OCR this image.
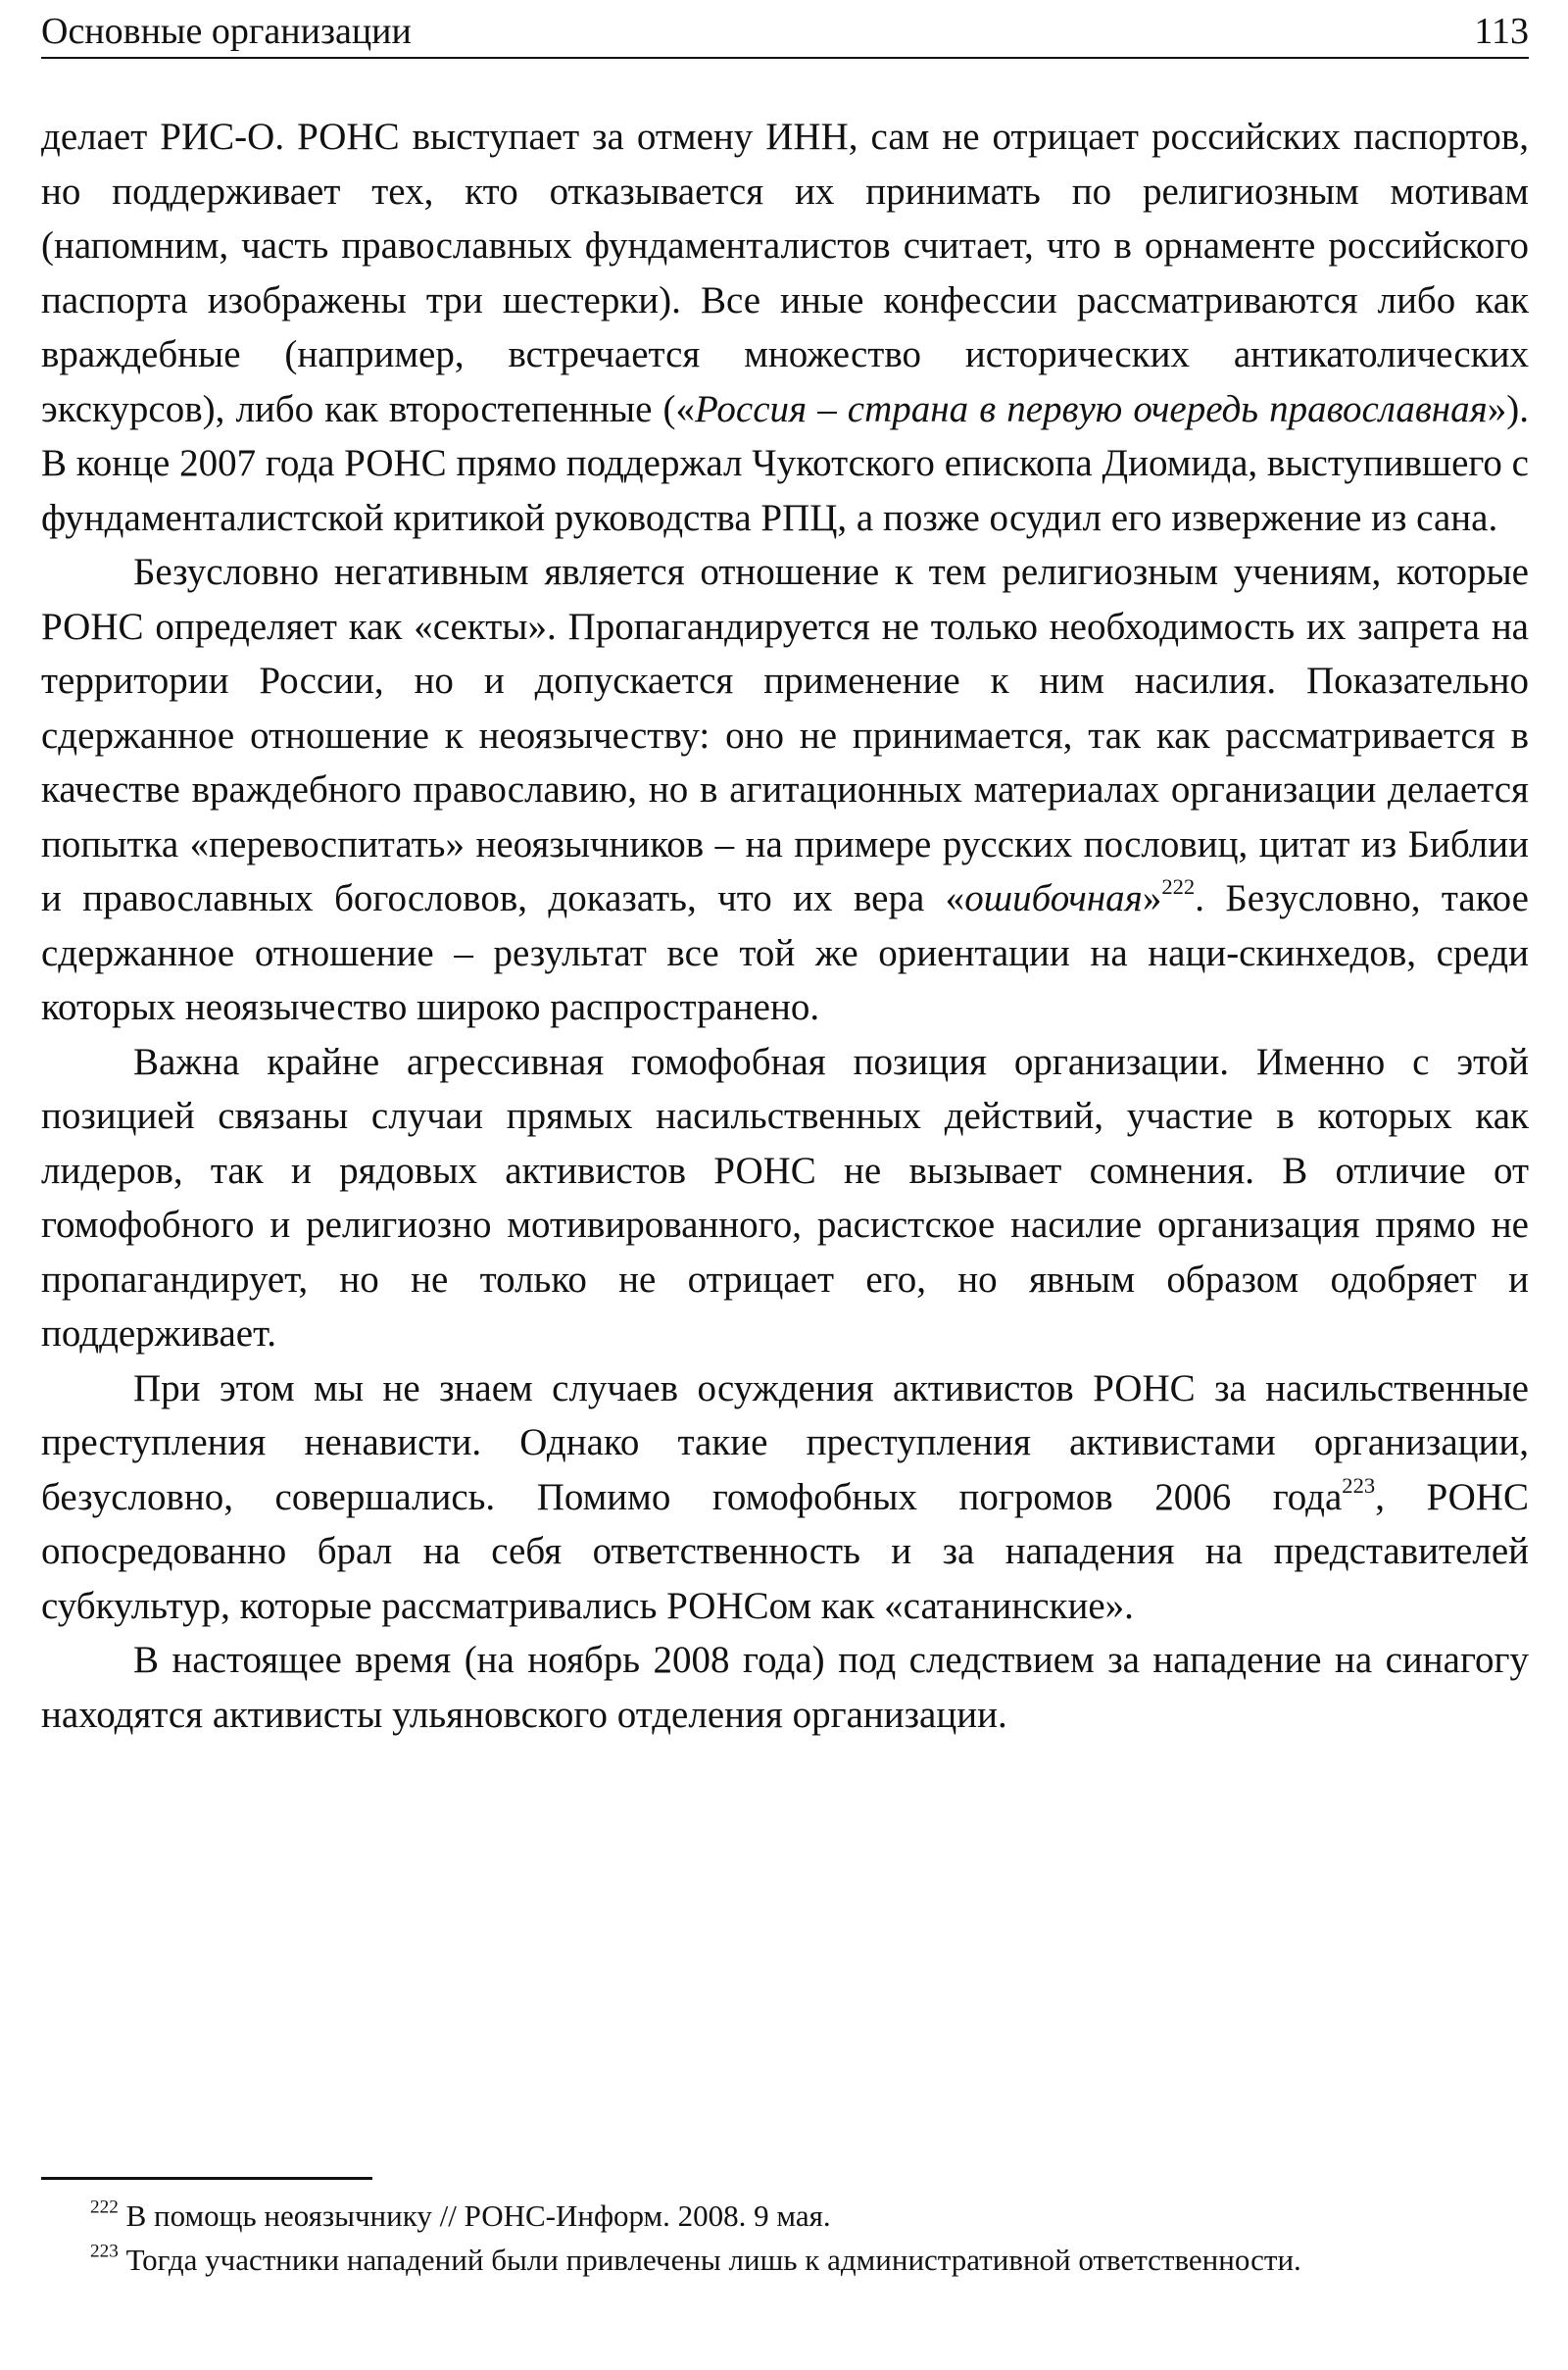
Основные организации	113

делает РИС-О. РОНС выступает за отмену ИНН, сам не отрицает российских паспортов, но поддерживает тех, кто отказывается их принимать по религиозным мотивам (напомним, часть православных фундаменталистов считает, что в орнаменте российского паспорта изображены три шестерки). Все иные конфессии рассматриваются либо как враждебные (например, встречается множество исторических антикатолических экскурсов), либо как второстепенные («Россия – страна в первую очередь православная»). В конце 2007 года РОНС прямо поддержал Чукотского епископа Диомида, выступившего с фундаменталистской критикой руководства РПЦ, а позже осудил его извержение из сана.

Безусловно негативным является отношение к тем религиозным учениям, которые РОНС определяет как «секты». Пропагандируется не только необходимость их запрета на территории России, но и допускается применение к ним насилия. Показательно сдержанное отношение к неоязычеству: оно не принимается, так как рассматривается в качестве враждебного православию, но в агитационных материалах организации делается попытка «перевоспитать» неоязычников – на примере русских пословиц, цитат из Библии и православных богословов, доказать, что их вера «ошибочная»$^{222}$. Безусловно, такое сдержанное отношение – результат все той же ориентации на наци-скинхедов, среди которых неоязычество широко распространено.

Важна крайне агрессивная гомофобная позиция организации. Именно с этой позицией связаны случаи прямых насильственных действий, участие в которых как лидеров, так и рядовых активистов РОНС не вызывает сомнения. В отличие от гомофобного и религиозно мотивированного, расистское насилие организация прямо не пропагандирует, но не только не отрицает его, но явным образом одобряет и поддерживает.

При этом мы не знаем случаев осуждения активистов РОНС за насильственные преступления ненависти. Однако такие преступления активистами организации, безусловно, совершались. Помимо гомофобных погромов 2006 года$^{223}$, РОНС опосредованно брал на себя ответственность и за нападения на представителей субкультур, которые рассматривались РОНСом как «сатанинские».

В настоящее время (на ноябрь 2008 года) под следствием за нападение на синагогу находятся активисты ульяновского отделения организации.

$^{222}$ В помощь неоязычнику // РОНС-Информ. 2008. 9 мая.

$^{223}$ Тогда участники нападений были привлечены лишь к административной ответственности.
